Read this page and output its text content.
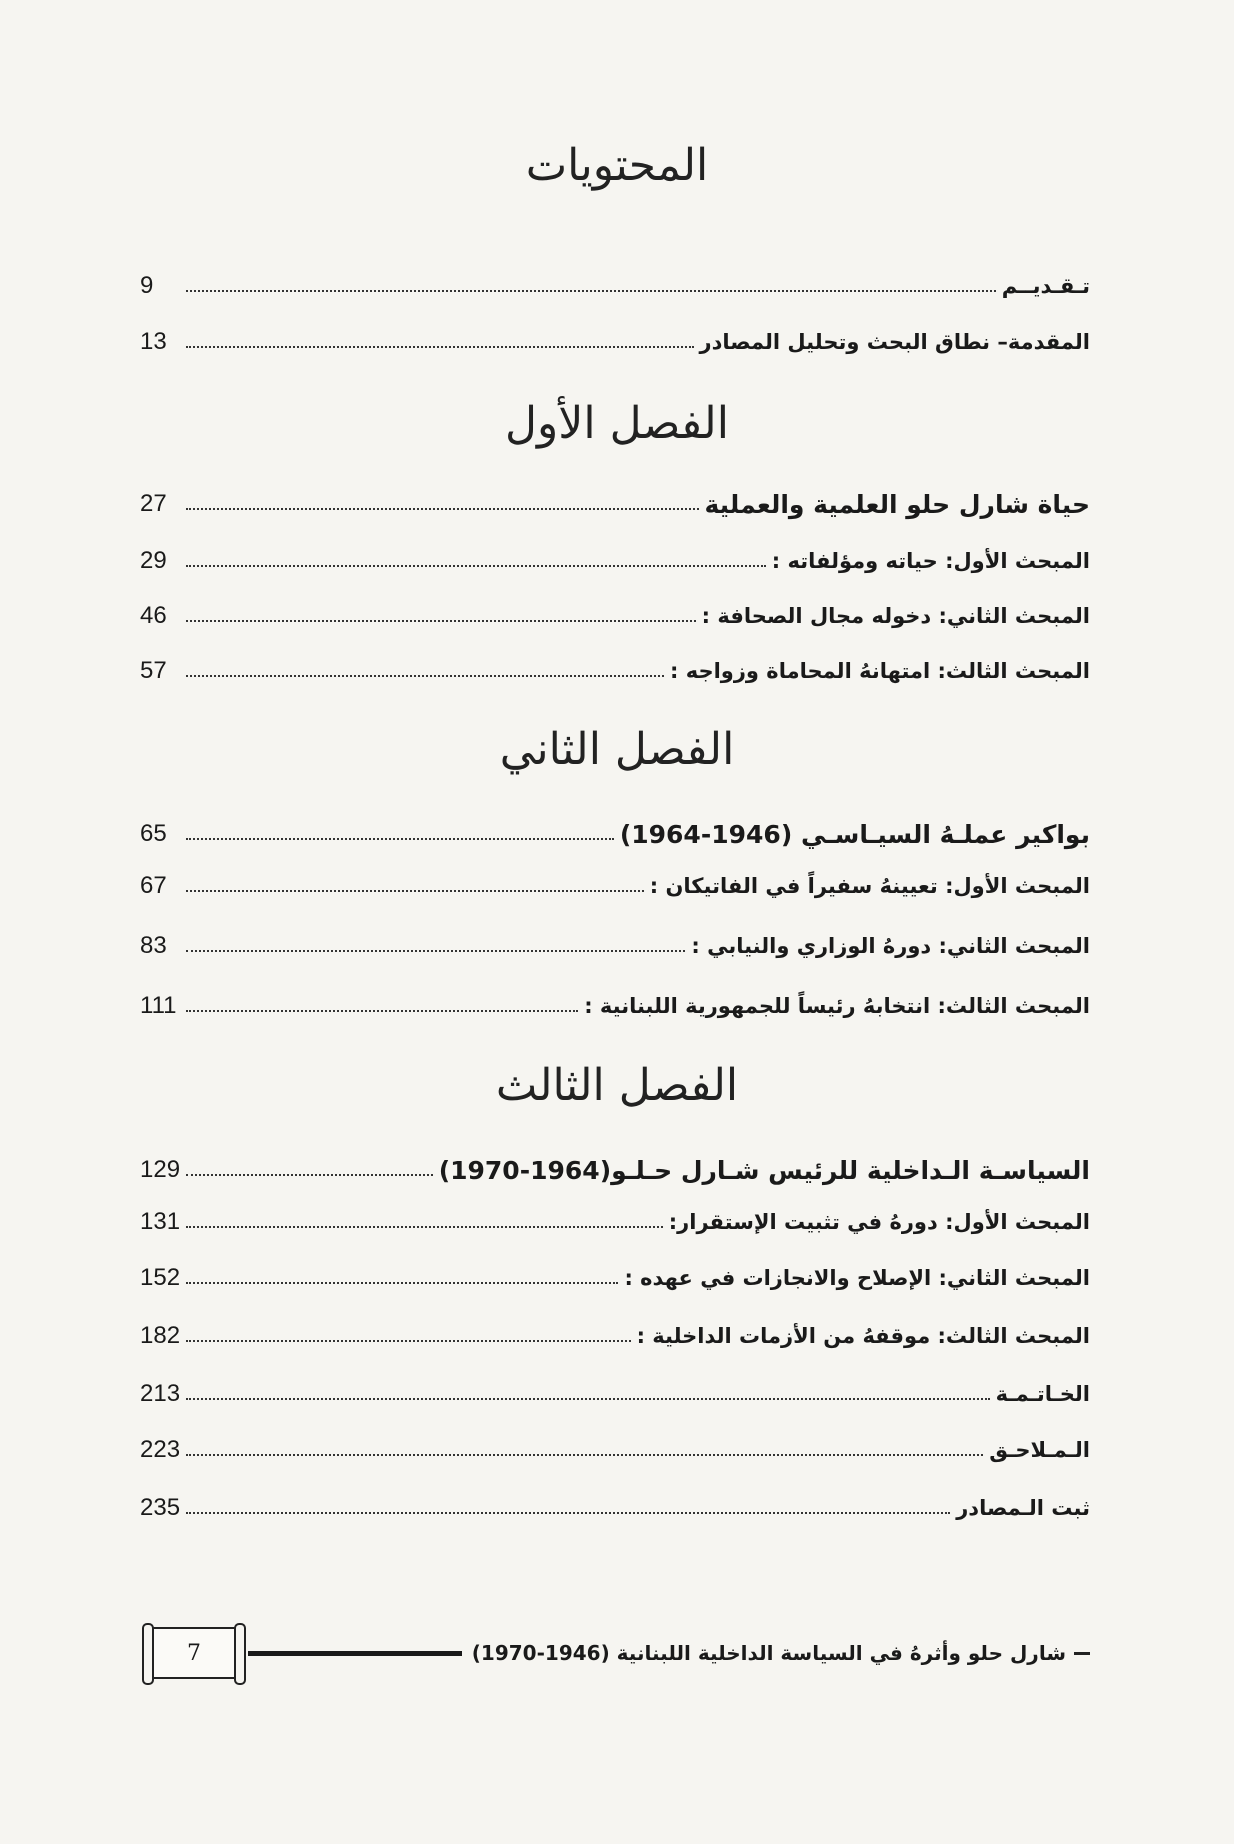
المحتويات
تـقـديــم
9
المقدمة– نطاق البحث وتحليل المصادر
13
الفصل الأول
حياة شارل حلو العلمية والعملية
27
المبحث الأول: حياته ومؤلفاته :
29
المبحث الثاني: دخوله مجال الصحافة :
46
المبحث الثالث: امتهانهُ المحاماة وزواجه :
57
الفصل الثاني
بواكير عملـهُ السيـاسـي (1946-1964)
65
المبحث الأول: تعيينهُ سفيراً في الفاتيكان :
67
المبحث الثاني: دورهُ الوزاري والنيابي :
83
المبحث الثالث: انتخابهُ رئيساً للجمهورية اللبنانية :
111
الفصل الثالث
السياسـة الـداخلية للرئيس شـارل حـلـو(1964-1970)
129
المبحث الأول: دورهُ في تثبيت الإستقرار:
131
المبحث الثاني: الإصلاح والانجازات في عهده :
152
المبحث الثالث: موقفهُ من الأزمات الداخلية :
182
الخـاتـمـة
213
الـمـلاحـق
223
ثبت الـمصادر
235
شارل حلو وأثرهُ في السياسة الداخلية اللبنانية (1946-1970)
7
